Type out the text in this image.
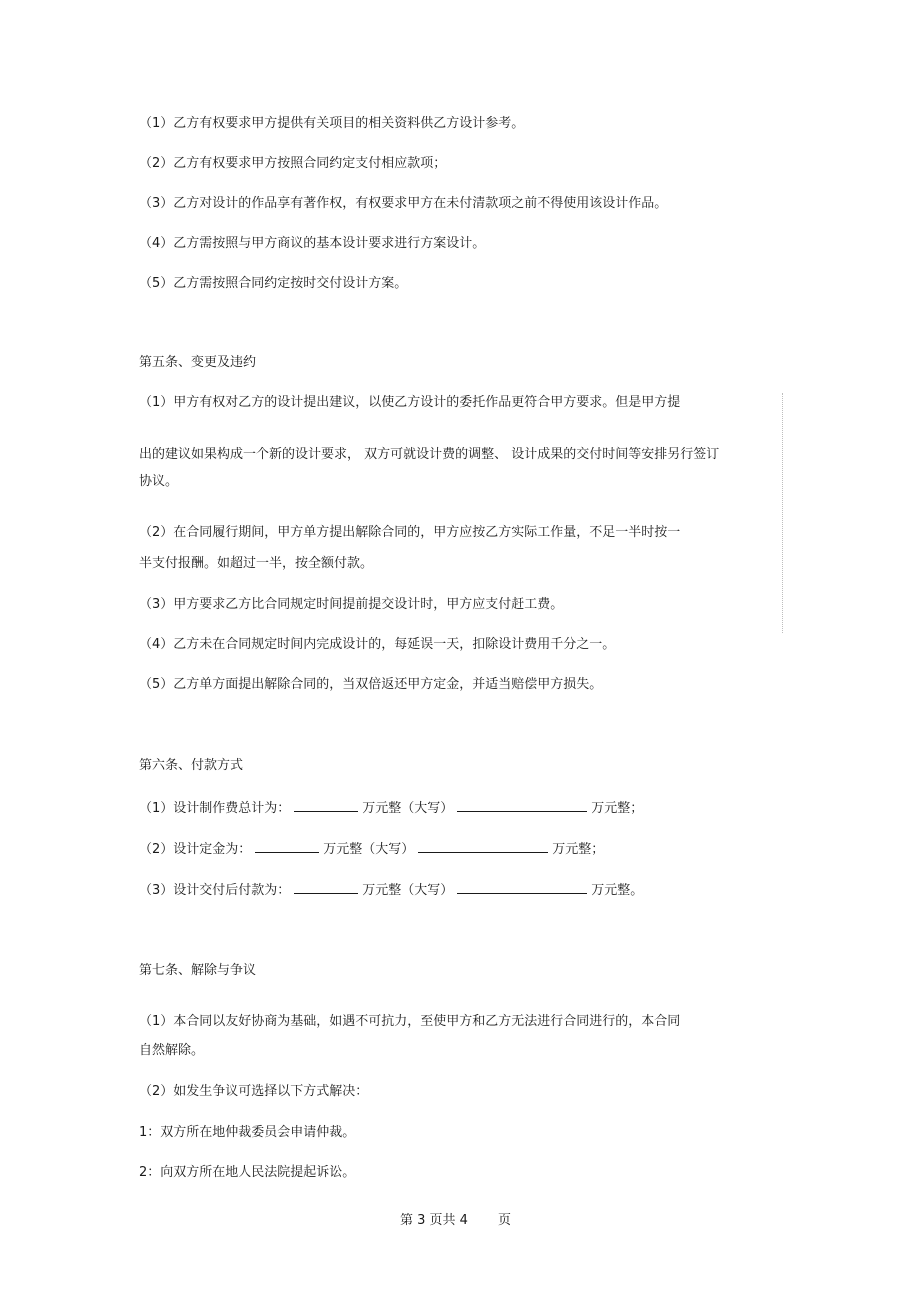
（1）乙方有权要求甲方提供有关项目的相关资料供乙方设计参考。
（2）乙方有权要求甲方按照合同约定支付相应款项；
（3）乙方对设计的作品享有著作权，有权要求甲方在未付清款项之前不得使用该设计作品。
（4）乙方需按照与甲方商议的基本设计要求进行方案设计。
（5）乙方需按照合同约定按时交付设计方案。
第五条、变更及违约
（1）甲方有权对乙方的设计提出建议，以使乙方设计的委托作品更符合甲方要求。但是甲方提
出的建议如果构成一个新的设计要求， 双方可就设计费的调整、 设计成果的交付时间等安排另行签订
协议。
（2）在合同履行期间，甲方单方提出解除合同的，甲方应按乙方实际工作量，不足一半时按一
半支付报酬。如超过一半，按全额付款。
（3）甲方要求乙方比合同规定时间提前提交设计时，甲方应支付赶工费。
（4）乙方未在合同规定时间内完成设计的，每延误一天，扣除设计费用千分之一。
（5）乙方单方面提出解除合同的，当双倍返还甲方定金，并适当赔偿甲方损失。
第六条、付款方式
（1）设计制作费总计为：	万元整（大写）	万元整；
（2）设计定金为：	万元整（大写）	万元整；
（3）设计交付后付款为：	万元整（大写）	万元整。
第七条、解除与争议
（1）本合同以友好协商为基础，如遇不可抗力，至使甲方和乙方无法进行合同进行的，本合同
自然解除。
（2）如发生争议可选择以下方式解决：
1：双方所在地仲裁委员会申请仲裁。
2：向双方所在地人民法院提起诉讼。
第 3 页共 4 页
